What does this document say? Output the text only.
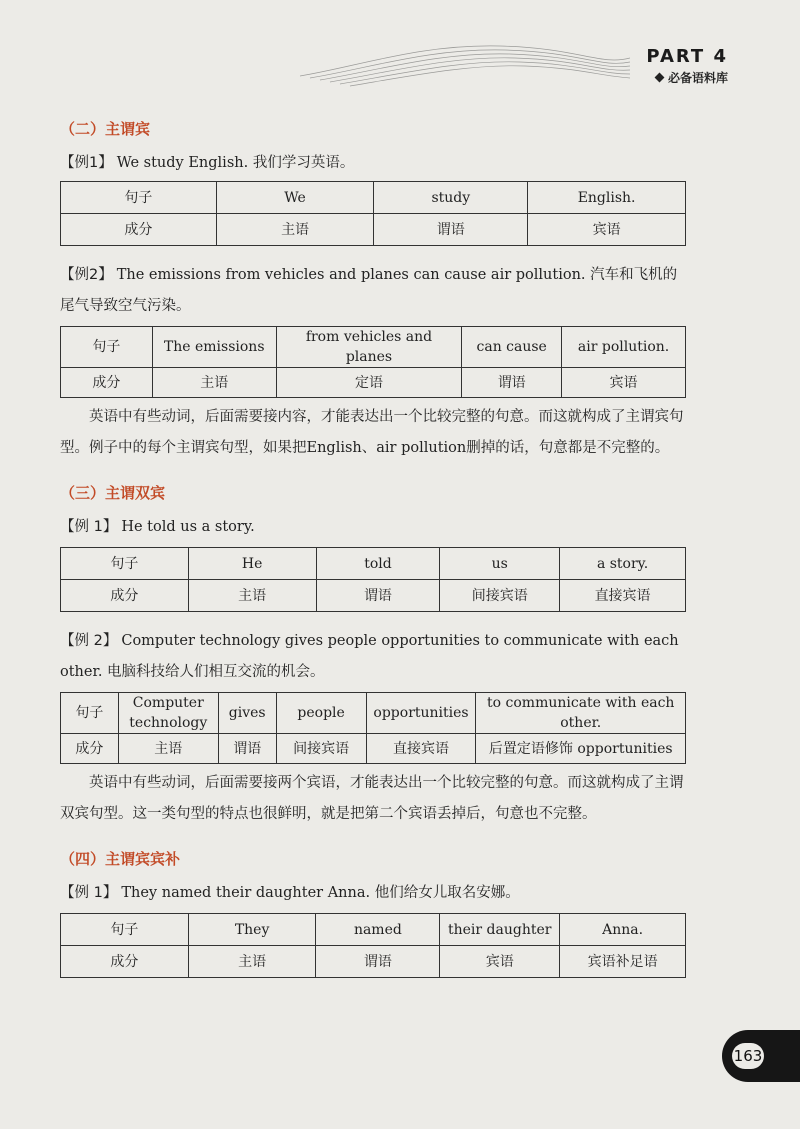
PART 4
必备语料库
（二）主谓宾
【例1】 We study English. 我们学习英语。
句子	We	study	English.
成分	主语	谓语	宾语
【例2】 The emissions from vehicles and planes can cause air pollution. 汽车和飞机的尾气导致空气污染。
句子	The emissions	from vehicles and planes	can cause	air pollution.
成分	主语	定语	谓语	宾语
英语中有些动词，后面需要接内容，才能表达出一个比较完整的句意。而这就构成了主谓宾句型。例子中的每个主谓宾句型，如果把English、air pollution删掉的话，句意都是不完整的。
（三）主谓双宾
【例 1】 He told us a story.
句子	He	told	us	a story.
成分	主语	谓语	间接宾语	直接宾语
【例 2】 Computer technology gives people opportunities to communicate with each other. 电脑科技给人们相互交流的机会。
句子	Computer technology	gives	people	opportunities	to communicate with each other.
成分	主语	谓语	间接宾语	直接宾语	后置定语修饰 opportunities
英语中有些动词，后面需要接两个宾语，才能表达出一个比较完整的句意。而这就构成了主谓双宾句型。这一类句型的特点也很鲜明，就是把第二个宾语丢掉后，句意也不完整。
（四）主谓宾宾补
【例 1】 They named their daughter Anna. 他们给女儿取名安娜。
句子	They	named	their daughter	Anna.
成分	主语	谓语	宾语	宾语补足语
163
